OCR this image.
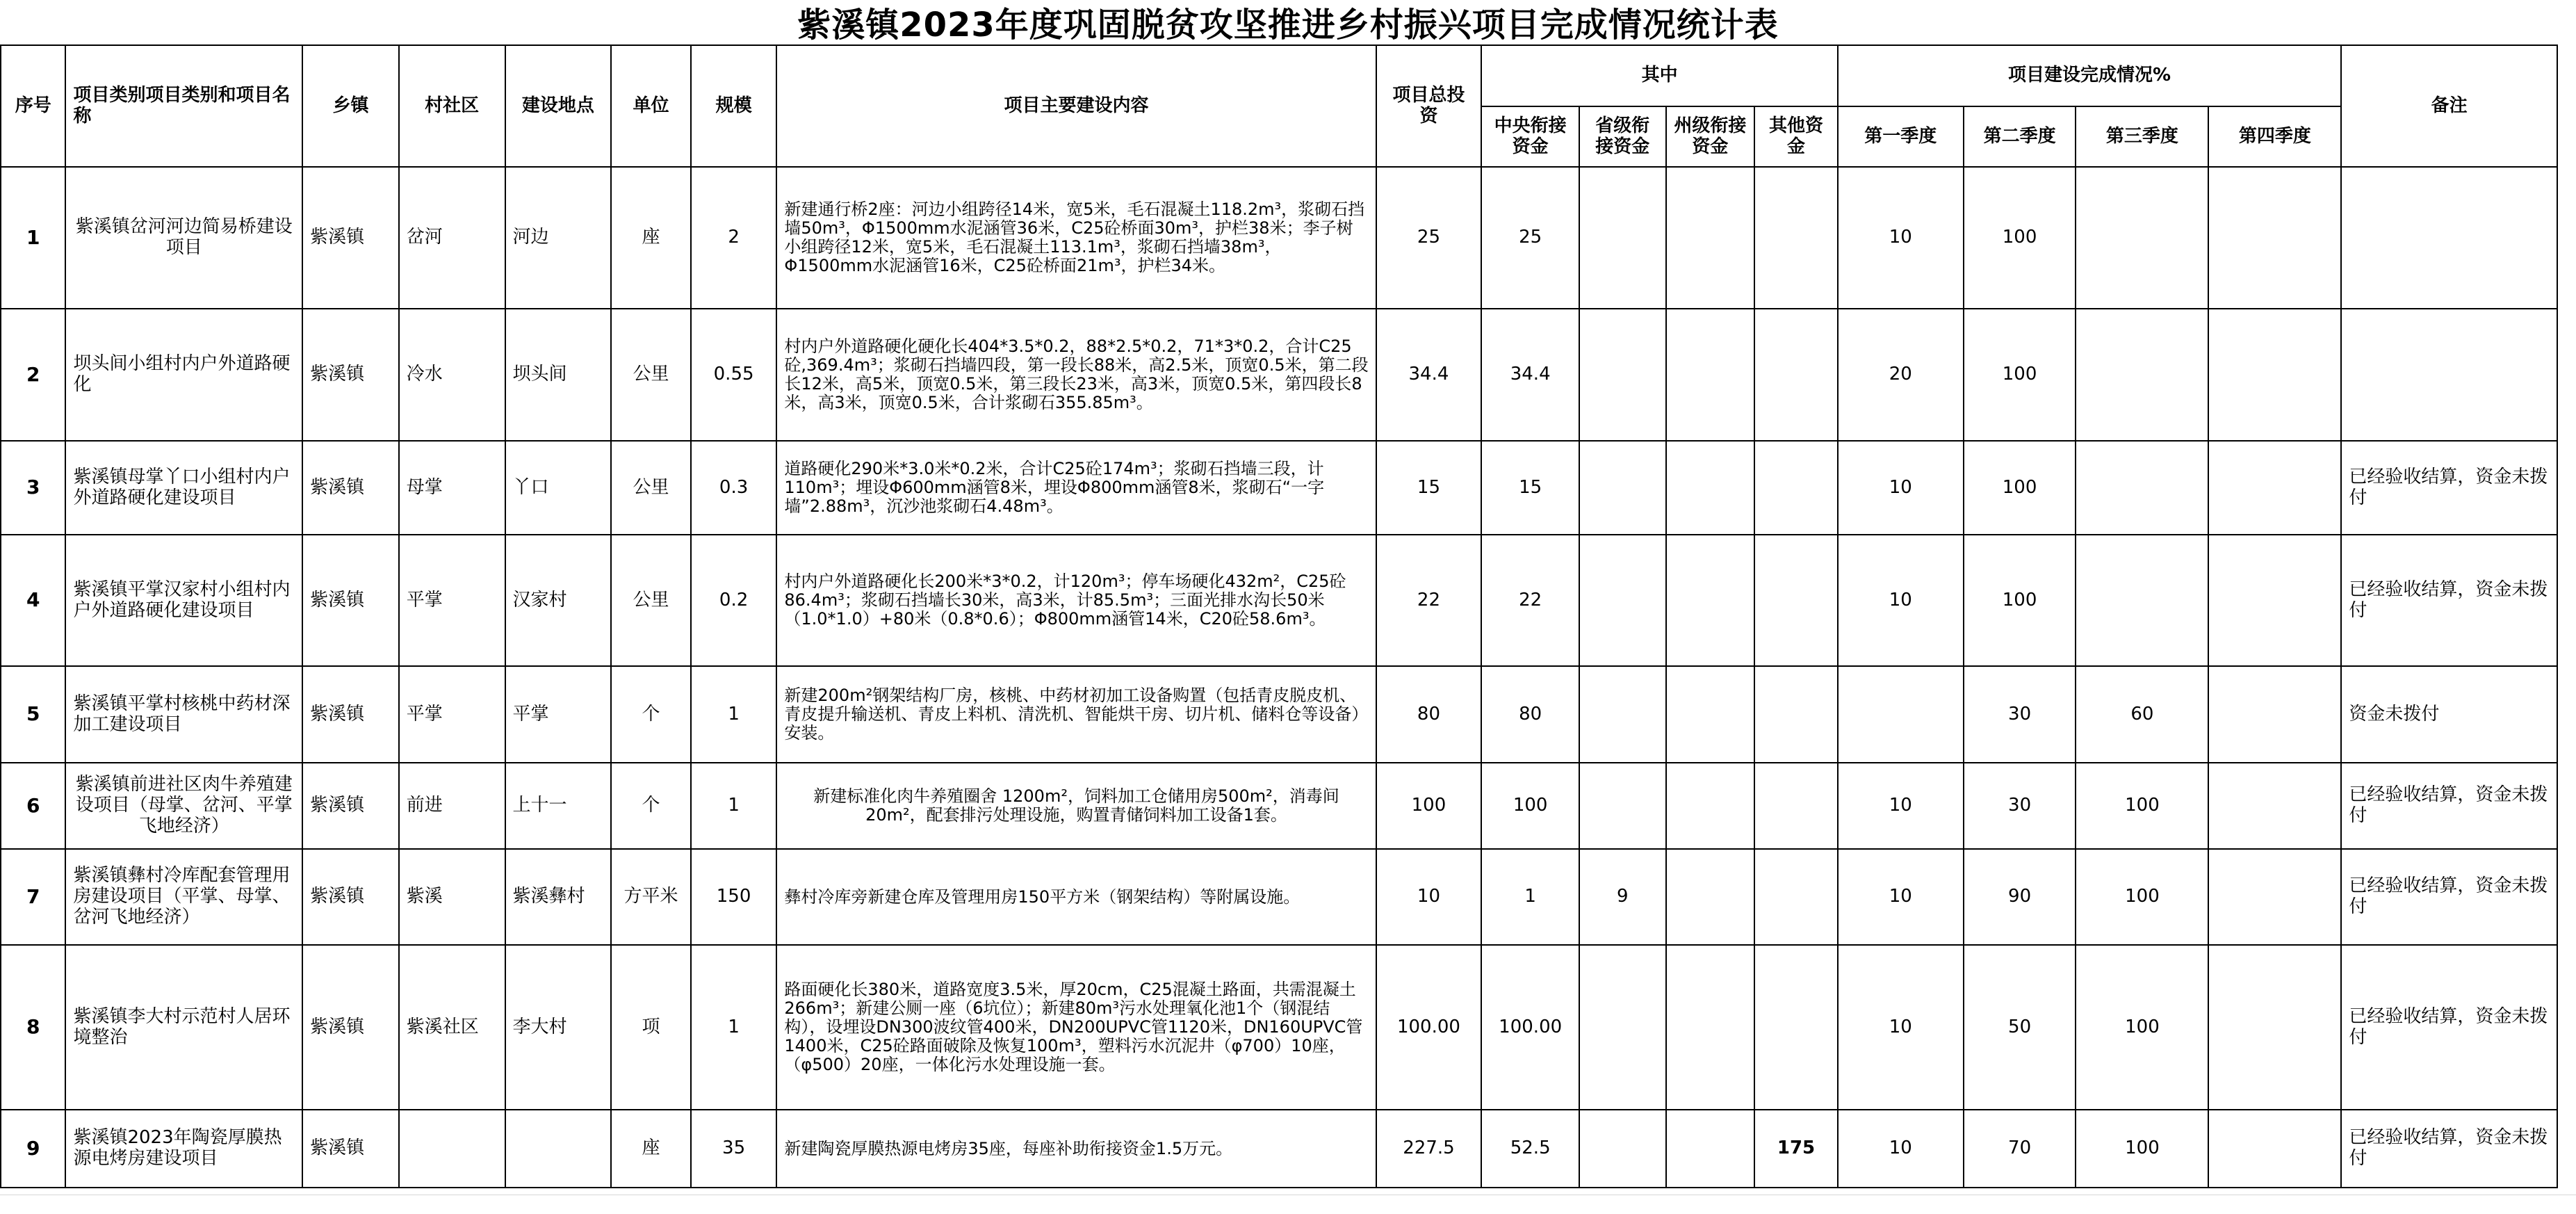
紫溪镇2023年度巩固脱贫攻坚推进乡村振兴项目完成情况统计表
序号	项目类别项目类别和项目名称	乡镇	村社区	建设地点	单位	规模	项目主要建设内容	项目总投资	其中				项目建设完成情况%				备注
									中央衔接资金	省级衔接资金	州级衔接资金	其他资金	第一季度	第二季度	第三季度	第四季度	
1	紫溪镇岔河河边简易桥建设项目	紫溪镇	岔河	河边	座	2	新建通行桥2座：河边小组跨径14米，宽5米，毛石混凝土118.2m³，浆砌石挡墙50m³，Φ1500mm水泥涵管36米，C25砼桥面30m³，护栏38米；李子树小组跨径12米，宽5米，毛石混凝土113.1m³，浆砌石挡墙38m³，Φ1500mm水泥涵管16米，C25砼桥面21m³，护栏34米。	25	25				10	100			
2	坝头间小组村内户外道路硬化	紫溪镇	冷水	坝头间	公里	0.55	村内户外道路硬化硬化长404*3.5*0.2，88*2.5*0.2，71*3*0.2，合计C25砼,369.4m³；浆砌石挡墙四段，第一段长88米，高2.5米，顶宽0.5米，第二段长12米，高5米，顶宽0.5米，第三段长23米，高3米，顶宽0.5米，第四段长8米，高3米，顶宽0.5米，合计浆砌石355.85m³。	34.4	34.4				20	100			
3	紫溪镇母掌丫口小组村内户外道路硬化建设项目	紫溪镇	母掌	丫口	公里	0.3	道路硬化290米*3.0米*0.2米，合计C25砼174m³；浆砌石挡墙三段，计110m³；埋设Φ600mm涵管8米，埋设Φ800mm涵管8米，浆砌石“一字墙”2.88m³，沉沙池浆砌石4.48m³。	15	15				10	100			已经验收结算，资金未拨付
4	紫溪镇平掌汉家村小组村内户外道路硬化建设项目	紫溪镇	平掌	汉家村	公里	0.2	村内户外道路硬化长200米*3*0.2，计120m³；停车场硬化432m²，C25砼86.4m³；浆砌石挡墙长30米，高3米，计85.5m³；三面光排水沟长50米（1.0*1.0）+80米（0.8*0.6）；Φ800mm涵管14米，C20砼58.6m³。	22	22				10	100			已经验收结算，资金未拨付
5	紫溪镇平掌村核桃中药材深加工建设项目	紫溪镇	平掌	平掌	个	1	新建200m²钢架结构厂房，核桃、中药材初加工设备购置（包括青皮脱皮机、青皮提升输送机、青皮上料机、清洗机、智能烘干房、切片机、储料仓等设备）安装。	80	80					30	60		资金未拨付
6	紫溪镇前进社区肉牛养殖建设项目（母掌、岔河、平掌飞地经济）	紫溪镇	前进	上十一	个	1	新建标准化肉牛养殖圈舍 1200m²，饲料加工仓储用房500m²，消毒间20m²，配套排污处理设施，购置青储饲料加工设备1套。	100	100				10	30	100		已经验收结算，资金未拨付
7	紫溪镇彝村冷库配套管理用房建设项目（平掌、母掌、岔河飞地经济）	紫溪镇	紫溪	紫溪彝村	方平米	150	彝村冷库旁新建仓库及管理用房150平方米（钢架结构）等附属设施。	10	1	9			10	90	100		已经验收结算，资金未拨付
8	紫溪镇李大村示范村人居环境整治	紫溪镇	紫溪社区	李大村	项	1	路面硬化长380米，道路宽度3.5米，厚20cm，C25混凝土路面，共需混凝土266m³；新建公厕一座（6坑位）；新建80m³污水处理氧化池1个（钢混结构），设埋设DN300波纹管400米，DN200UPVC管1120米，DN160UPVC管1400米，C25砼路面破除及恢复100m³，塑料污水沉泥井（φ700）10座，（φ500）20座，一体化污水处理设施一套。	100.00	100.00				10	50	100		已经验收结算，资金未拨付
9	紫溪镇2023年陶瓷厚膜热源电烤房建设项目	紫溪镇			座	35	新建陶瓷厚膜热源电烤房35座，每座补助衔接资金1.5万元。	227.5	52.5			175	10	70	100		已经验收结算，资金未拨付
